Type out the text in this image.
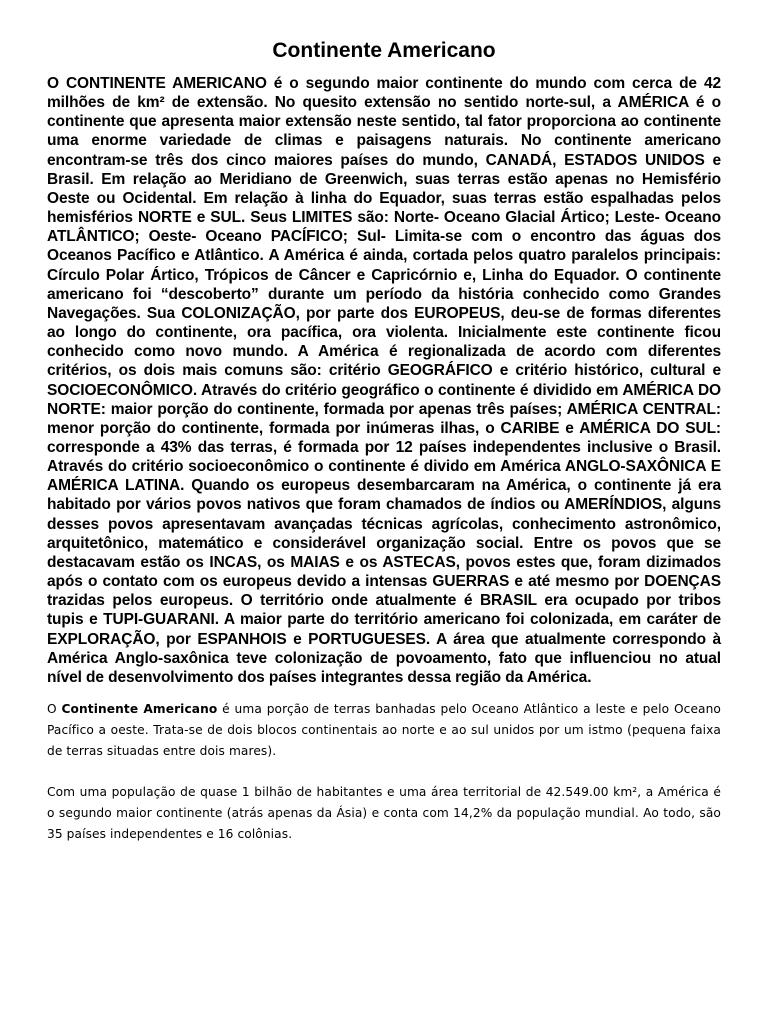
Continente Americano

O CONTINENTE AMERICANO é o segundo maior continente do mundo com cerca de 42 milhões de km² de extensão. No quesito extensão no sentido norte-sul, a AMÉRICA é o continente que apresenta maior extensão neste sentido, tal fator proporciona ao continente uma enorme variedade de climas e paisagens naturais. No continente americano encontram-se três dos cinco maiores países do mundo, CANADÁ, ESTADOS UNIDOS e Brasil. Em relação ao Meridiano de Greenwich, suas terras estão apenas no Hemisfério Oeste ou Ocidental. Em relação à linha do Equador, suas terras estão espalhadas pelos hemisférios NORTE e SUL. Seus LIMITES são: Norte- Oceano Glacial Ártico; Leste- Oceano ATLÂNTICO; Oeste- Oceano PACÍFICO; Sul- Limita-se com o encontro das águas dos Oceanos Pacífico e Atlântico. A América é ainda, cortada pelos quatro paralelos principais: Círculo Polar Ártico, Trópicos de Câncer e Capricórnio e, Linha do Equador. O continente americano foi “descoberto” durante um período da história conhecido como Grandes Navegações. Sua COLONIZAÇÃO, por parte dos EUROPEUS, deu-se de formas diferentes ao longo do continente, ora pacífica, ora violenta. Inicialmente este continente ficou conhecido como novo mundo. A América é regionalizada de acordo com diferentes critérios, os dois mais comuns são: critério GEOGRÁFICO e critério histórico, cultural e SOCIOECONÔMICO. Através do critério geográfico o continente é dividido em AMÉRICA DO NORTE: maior porção do continente, formada por apenas três países; AMÉRICA CENTRAL: menor porção do continente, formada por inúmeras ilhas, o CARIBE e AMÉRICA DO SUL: corresponde a 43% das terras, é formada por 12 países independentes inclusive o Brasil. Através do critério socioeconômico o continente é divido em América ANGLO-SAXÔNICA E AMÉRICA LATINA. Quando os europeus desembarcaram na América, o continente já era habitado por vários povos nativos que foram chamados de índios ou AMERÍNDIOS, alguns desses povos apresentavam avançadas técnicas agrícolas, conhecimento astronômico, arquitetônico, matemático e considerável organização social. Entre os povos que se destacavam estão os INCAS, os MAIAS e os ASTECAS, povos estes que, foram dizimados após o contato com os europeus devido a intensas GUERRAS e até mesmo por DOENÇAS trazidas pelos europeus. O território onde atualmente é BRASIL era ocupado por tribos tupis e TUPI-GUARANI. A maior parte do território americano foi colonizada, em caráter de EXPLORAÇÃO, por ESPANHOIS e PORTUGUESES. A área que atualmente correspondo à América Anglo-saxônica teve colonização de povoamento, fato que influenciou no atual nível de desenvolvimento dos países integrantes dessa região da América.

O Continente Americano é uma porção de terras banhadas pelo Oceano Atlântico a leste e pelo Oceano Pacífico a oeste. Trata-se de dois blocos continentais ao norte e ao sul unidos por um istmo (pequena faixa de terras situadas entre dois mares).

Com uma população de quase 1 bilhão de habitantes e uma área territorial de 42.549.00 km², a América é o segundo maior continente (atrás apenas da Ásia) e conta com 14,2% da população mundial. Ao todo, são 35 países independentes e 16 colônias.
